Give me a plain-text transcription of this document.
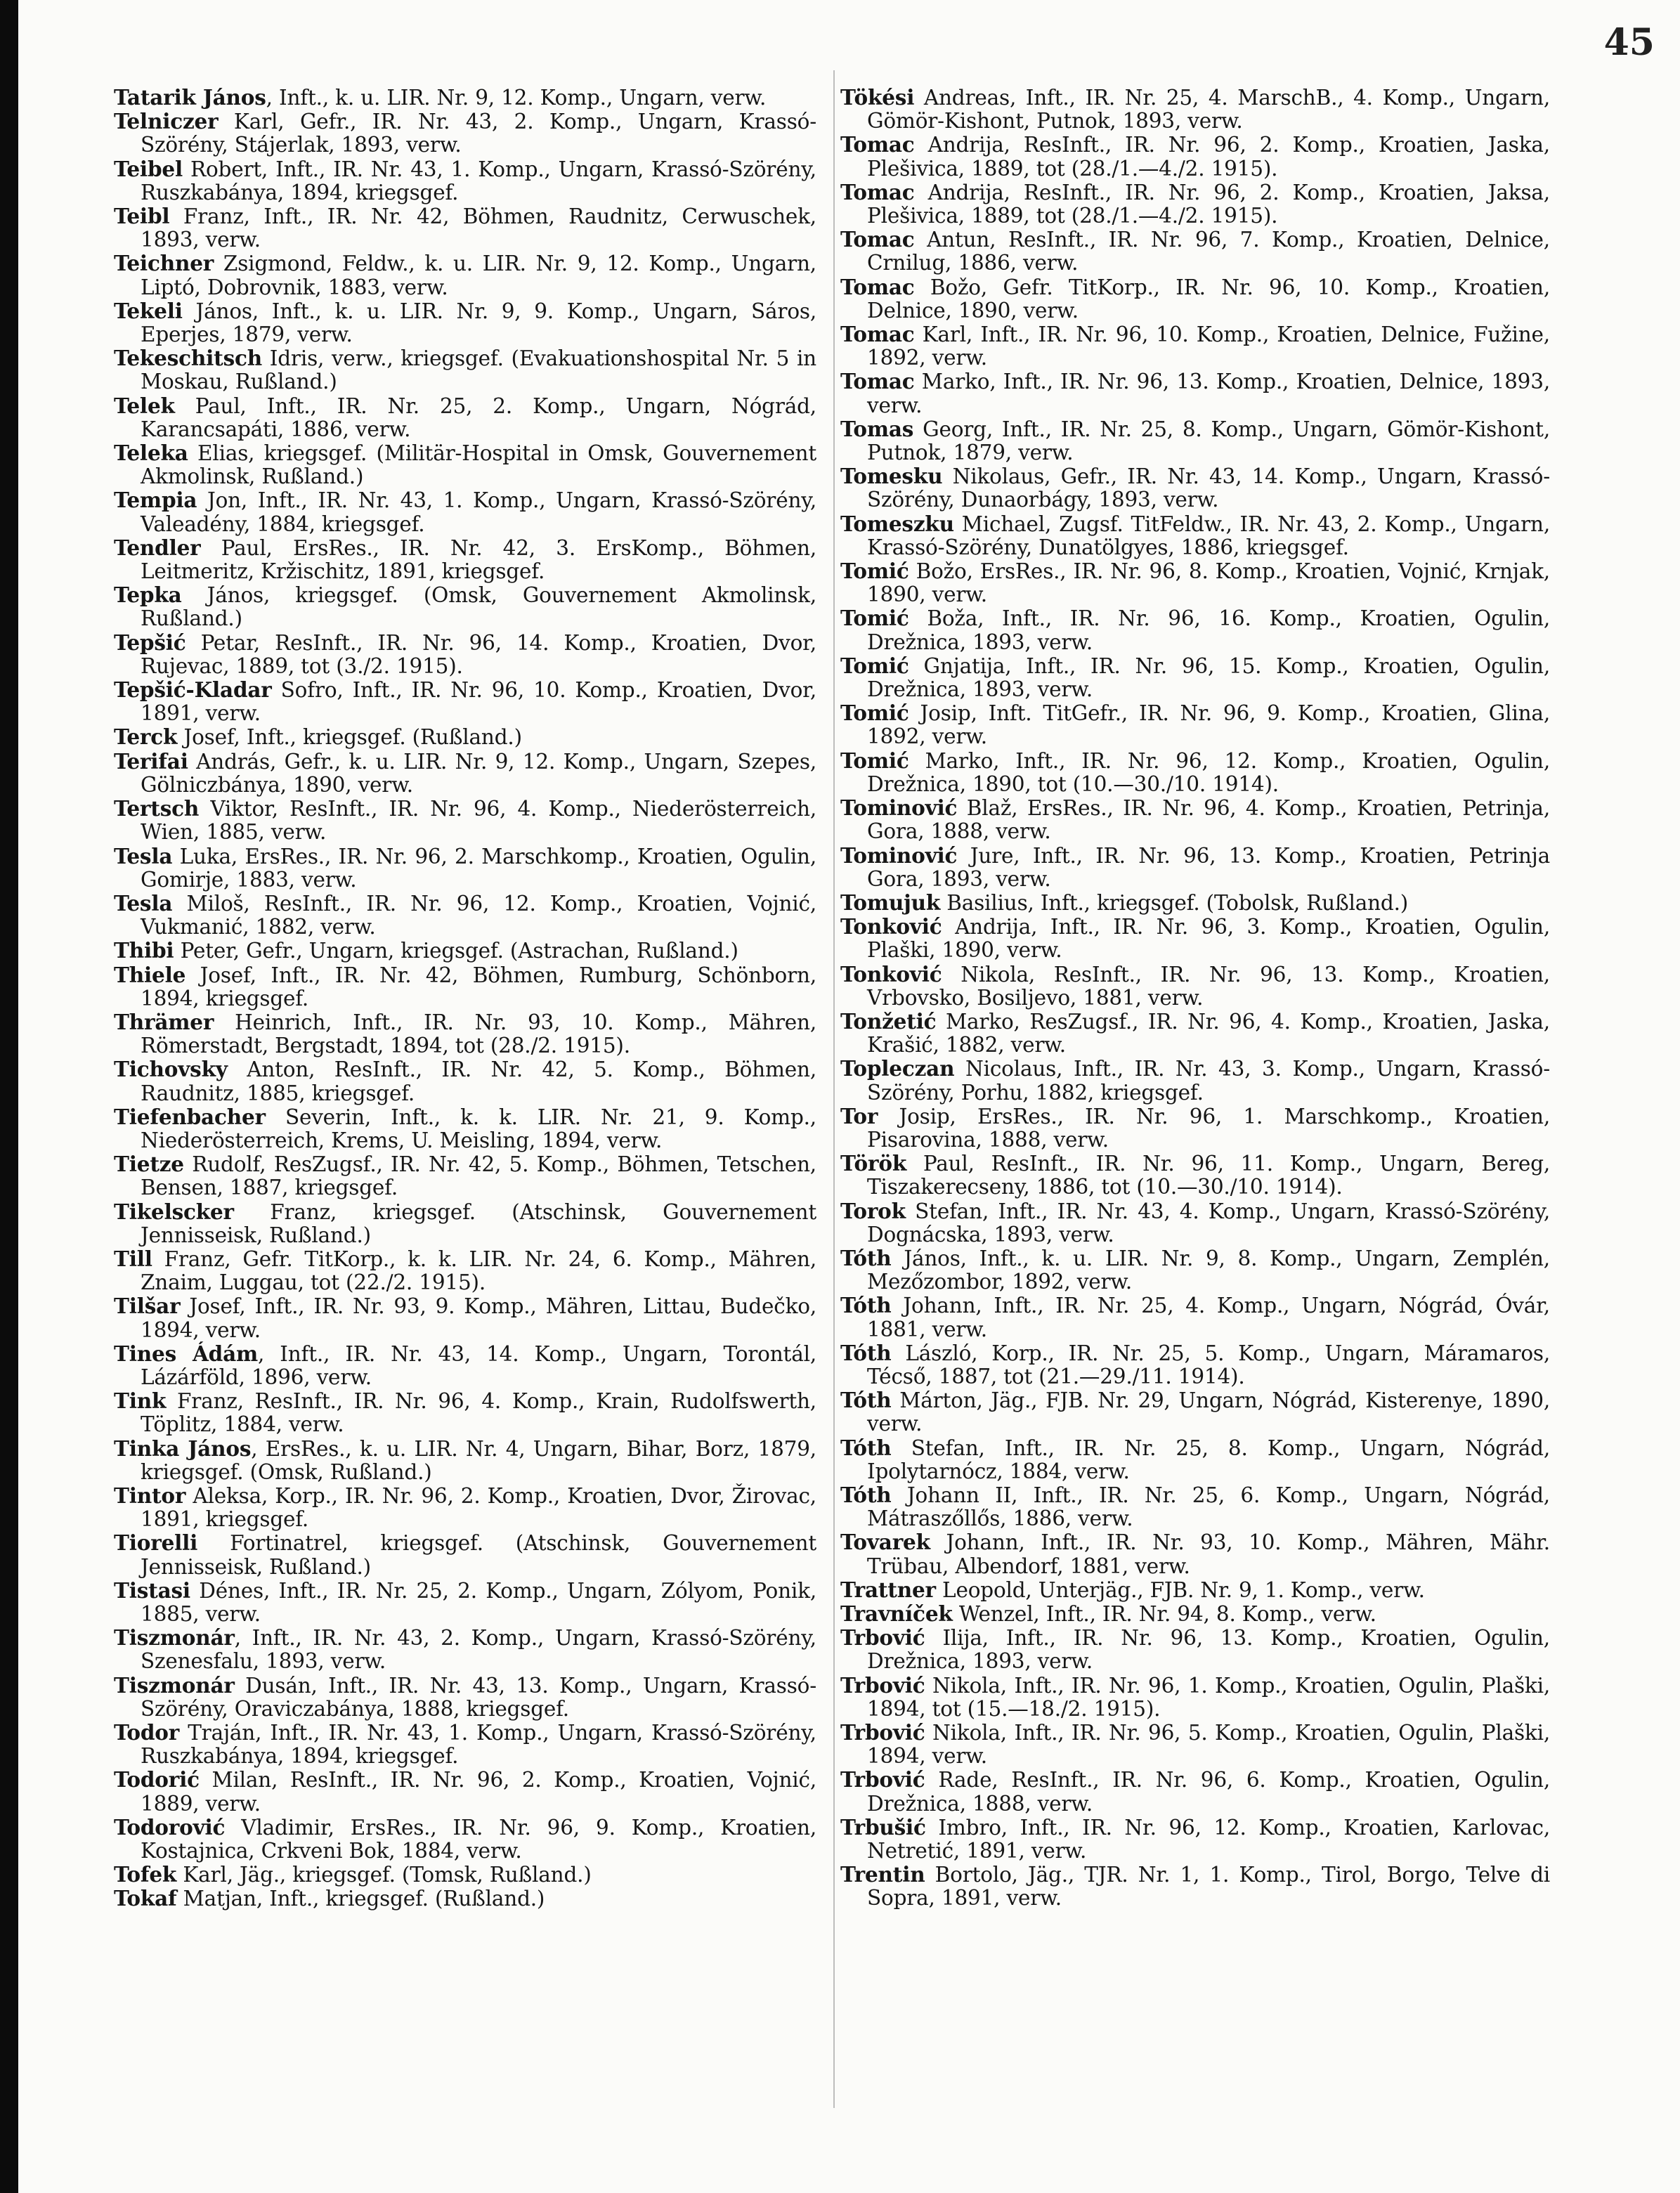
45
Tatarik János, Inft., k. u. LIR. Nr. 9, 12. Komp., Ungarn, verw.
Telniczer Karl, Gefr., IR. Nr. 43, 2. Komp., Ungarn, Krassó-Szörény, Stájerlak, 1893, verw.
Teibel Robert, Inft., IR. Nr. 43, 1. Komp., Ungarn, Krassó-Szörény, Ruszkabánya, 1894, kriegsgef.
Teibl Franz, Inft., IR. Nr. 42, Böhmen, Raudnitz, Cerwuschek, 1893, verw.
Teichner Zsigmond, Feldw., k. u. LIR. Nr. 9, 12. Komp., Ungarn, Liptó, Dobrovnik, 1883, verw.
Tekeli János, Inft., k. u. LIR. Nr. 9, 9. Komp., Ungarn, Sáros, Eperjes, 1879, verw.
Tekeschitsch Idris, verw., kriegsgef. (Evakuationshospital Nr. 5 in Moskau, Rußland.)
Telek Paul, Inft., IR. Nr. 25, 2. Komp., Ungarn, Nógrád, Karancsapáti, 1886, verw.
Teleka Elias, kriegsgef. (Militär-Hospital in Omsk, Gouvernement Akmolinsk, Rußland.)
Tempia Jon, Inft., IR. Nr. 43, 1. Komp., Ungarn, Krassó-Szörény, Valeadény, 1884, kriegsgef.
Tendler Paul, ErsRes., IR. Nr. 42, 3. ErsKomp., Böhmen, Leitmeritz, Kržischitz, 1891, kriegsgef.
Tepka János, kriegsgef. (Omsk, Gouvernement Akmolinsk, Rußland.)
Tepšić Petar, ResInft., IR. Nr. 96, 14. Komp., Kroatien, Dvor, Rujevac, 1889, tot (3./2. 1915).
Tepšić-Kladar Sofro, Inft., IR. Nr. 96, 10. Komp., Kroatien, Dvor, 1891, verw.
Terck Josef, Inft., kriegsgef. (Rußland.)
Terifai András, Gefr., k. u. LIR. Nr. 9, 12. Komp., Ungarn, Szepes, Gölniczbánya, 1890, verw.
Tertsch Viktor, ResInft., IR. Nr. 96, 4. Komp., Niederösterreich, Wien, 1885, verw.
Tesla Luka, ErsRes., IR. Nr. 96, 2. Marschkomp., Kroatien, Ogulin, Gomirje, 1883, verw.
Tesla Miloš, ResInft., IR. Nr. 96, 12. Komp., Kroatien, Vojnić, Vukmanić, 1882, verw.
Thibi Peter, Gefr., Ungarn, kriegsgef. (Astrachan, Rußland.)
Thiele Josef, Inft., IR. Nr. 42, Böhmen, Rumburg, Schönborn, 1894, kriegsgef.
Thrämer Heinrich, Inft., IR. Nr. 93, 10. Komp., Mähren, Römerstadt, Bergstadt, 1894, tot (28./2. 1915).
Tichovsky Anton, ResInft., IR. Nr. 42, 5. Komp., Böhmen, Raudnitz, 1885, kriegsgef.
Tiefenbacher Severin, Inft., k. k. LIR. Nr. 21, 9. Komp., Niederösterreich, Krems, U. Meisling, 1894, verw.
Tietze Rudolf, ResZugsf., IR. Nr. 42, 5. Komp., Böhmen, Tetschen, Bensen, 1887, kriegsgef.
Tikelscker Franz, kriegsgef. (Atschinsk, Gouvernement Jennisseisk, Rußland.)
Till Franz, Gefr. TitKorp., k. k. LIR. Nr. 24, 6. Komp., Mähren, Znaim, Luggau, tot (22./2. 1915).
Tilšar Josef, Inft., IR. Nr. 93, 9. Komp., Mähren, Littau, Budečko, 1894, verw.
Tines Ádám, Inft., IR. Nr. 43, 14. Komp., Ungarn, Torontál, Lázárföld, 1896, verw.
Tink Franz, ResInft., IR. Nr. 96, 4. Komp., Krain, Rudolfswerth, Töplitz, 1884, verw.
Tinka János, ErsRes., k. u. LIR. Nr. 4, Ungarn, Bihar, Borz, 1879, kriegsgef. (Omsk, Rußland.)
Tintor Aleksa, Korp., IR. Nr. 96, 2. Komp., Kroatien, Dvor, Žirovac, 1891, kriegsgef.
Tiorelli Fortinatrel, kriegsgef. (Atschinsk, Gouvernement Jennisseisk, Rußland.)
Tistasi Dénes, Inft., IR. Nr. 25, 2. Komp., Ungarn, Zólyom, Ponik, 1885, verw.
Tiszmonár, Inft., IR. Nr. 43, 2. Komp., Ungarn, Krassó-Szörény, Szenesfalu, 1893, verw.
Tiszmonár Dusán, Inft., IR. Nr. 43, 13. Komp., Ungarn, Krassó-Szörény, Oraviczabánya, 1888, kriegsgef.
Todor Traján, Inft., IR. Nr. 43, 1. Komp., Ungarn, Krassó-Szörény, Ruszkabánya, 1894, kriegsgef.
Todorić Milan, ResInft., IR. Nr. 96, 2. Komp., Kroatien, Vojnić, 1889, verw.
Todorović Vladimir, ErsRes., IR. Nr. 96, 9. Komp., Kroatien, Kostajnica, Crkveni Bok, 1884, verw.
Tofek Karl, Jäg., kriegsgef. (Tomsk, Rußland.)
Tokaf Matjan, Inft., kriegsgef. (Rußland.)
Tökési Andreas, Inft., IR. Nr. 25, 4. MarschB., 4. Komp., Ungarn, Gömör-Kishont, Putnok, 1893, verw.
Tomac Andrija, ResInft., IR. Nr. 96, 2. Komp., Kroatien, Jaska, Plešivica, 1889, tot (28./1.—4./2. 1915).
Tomac Andrija, ResInft., IR. Nr. 96, 2. Komp., Kroatien, Jaksa, Plešivica, 1889, tot (28./1.—4./2. 1915).
Tomac Antun, ResInft., IR. Nr. 96, 7. Komp., Kroatien, Delnice, Crnilug, 1886, verw.
Tomac Božo, Gefr. TitKorp., IR. Nr. 96, 10. Komp., Kroatien, Delnice, 1890, verw.
Tomac Karl, Inft., IR. Nr. 96, 10. Komp., Kroatien, Delnice, Fužine, 1892, verw.
Tomac Marko, Inft., IR. Nr. 96, 13. Komp., Kroatien, Delnice, 1893, verw.
Tomas Georg, Inft., IR. Nr. 25, 8. Komp., Ungarn, Gömör-Kishont, Putnok, 1879, verw.
Tomesku Nikolaus, Gefr., IR. Nr. 43, 14. Komp., Ungarn, Krassó-Szörény, Dunaorbágy, 1893, verw.
Tomeszku Michael, Zugsf. TitFeldw., IR. Nr. 43, 2. Komp., Ungarn, Krassó-Szörény, Dunatölgyes, 1886, kriegsgef.
Tomić Božo, ErsRes., IR. Nr. 96, 8. Komp., Kroatien, Vojnić, Krnjak, 1890, verw.
Tomić Boža, Inft., IR. Nr. 96, 16. Komp., Kroatien, Ogulin, Drežnica, 1893, verw.
Tomić Gnjatija, Inft., IR. Nr. 96, 15. Komp., Kroatien, Ogulin, Drežnica, 1893, verw.
Tomić Josip, Inft. TitGefr., IR. Nr. 96, 9. Komp., Kroatien, Glina, 1892, verw.
Tomić Marko, Inft., IR. Nr. 96, 12. Komp., Kroatien, Ogulin, Drežnica, 1890, tot (10.—30./10. 1914).
Tominović Blaž, ErsRes., IR. Nr. 96, 4. Komp., Kroatien, Petrinja, Gora, 1888, verw.
Tominović Jure, Inft., IR. Nr. 96, 13. Komp., Kroatien, Petrinja Gora, 1893, verw.
Tomujuk Basilius, Inft., kriegsgef. (Tobolsk, Rußland.)
Tonković Andrija, Inft., IR. Nr. 96, 3. Komp., Kroatien, Ogulin, Plaški, 1890, verw.
Tonković Nikola, ResInft., IR. Nr. 96, 13. Komp., Kroatien, Vrbovsko, Bosiljevo, 1881, verw.
Tonžetić Marko, ResZugsf., IR. Nr. 96, 4. Komp., Kroatien, Jaska, Krašić, 1882, verw.
Topleczan Nicolaus, Inft., IR. Nr. 43, 3. Komp., Ungarn, Krassó-Szörény, Porhu, 1882, kriegsgef.
Tor Josip, ErsRes., IR. Nr. 96, 1. Marschkomp., Kroatien, Pisarovina, 1888, verw.
Török Paul, ResInft., IR. Nr. 96, 11. Komp., Ungarn, Bereg, Tiszakerecseny, 1886, tot (10.—30./10. 1914).
Torok Stefan, Inft., IR. Nr. 43, 4. Komp., Ungarn, Krassó-Szörény, Dognácska, 1893, verw.
Tóth János, Inft., k. u. LIR. Nr. 9, 8. Komp., Ungarn, Zemplén, Mezőzombor, 1892, verw.
Tóth Johann, Inft., IR. Nr. 25, 4. Komp., Ungarn, Nógrád, Óvár, 1881, verw.
Tóth László, Korp., IR. Nr. 25, 5. Komp., Ungarn, Máramaros, Técső, 1887, tot (21.—29./11. 1914).
Tóth Márton, Jäg., FJB. Nr. 29, Ungarn, Nógrád, Kisterenye, 1890, verw.
Tóth Stefan, Inft., IR. Nr. 25, 8. Komp., Ungarn, Nógrád, Ipolytarnócz, 1884, verw.
Tóth Johann II, Inft., IR. Nr. 25, 6. Komp., Ungarn, Nógrád, Mátraszőllős, 1886, verw.
Tovarek Johann, Inft., IR. Nr. 93, 10. Komp., Mähren, Mähr. Trübau, Albendorf, 1881, verw.
Trattner Leopold, Unterjäg., FJB. Nr. 9, 1. Komp., verw.
Travníček Wenzel, Inft., IR. Nr. 94, 8. Komp., verw.
Trbović Ilija, Inft., IR. Nr. 96, 13. Komp., Kroatien, Ogulin, Drežnica, 1893, verw.
Trbović Nikola, Inft., IR. Nr. 96, 1. Komp., Kroatien, Ogulin, Plaški, 1894, tot (15.—18./2. 1915).
Trbović Nikola, Inft., IR. Nr. 96, 5. Komp., Kroatien, Ogulin, Plaški, 1894, verw.
Trbović Rade, ResInft., IR. Nr. 96, 6. Komp., Kroatien, Ogulin, Drežnica, 1888, verw.
Trbušić Imbro, Inft., IR. Nr. 96, 12. Komp., Kroatien, Karlovac, Netretić, 1891, verw.
Trentin Bortolo, Jäg., TJR. Nr. 1, 1. Komp., Tirol, Borgo, Telve di Sopra, 1891, verw.
